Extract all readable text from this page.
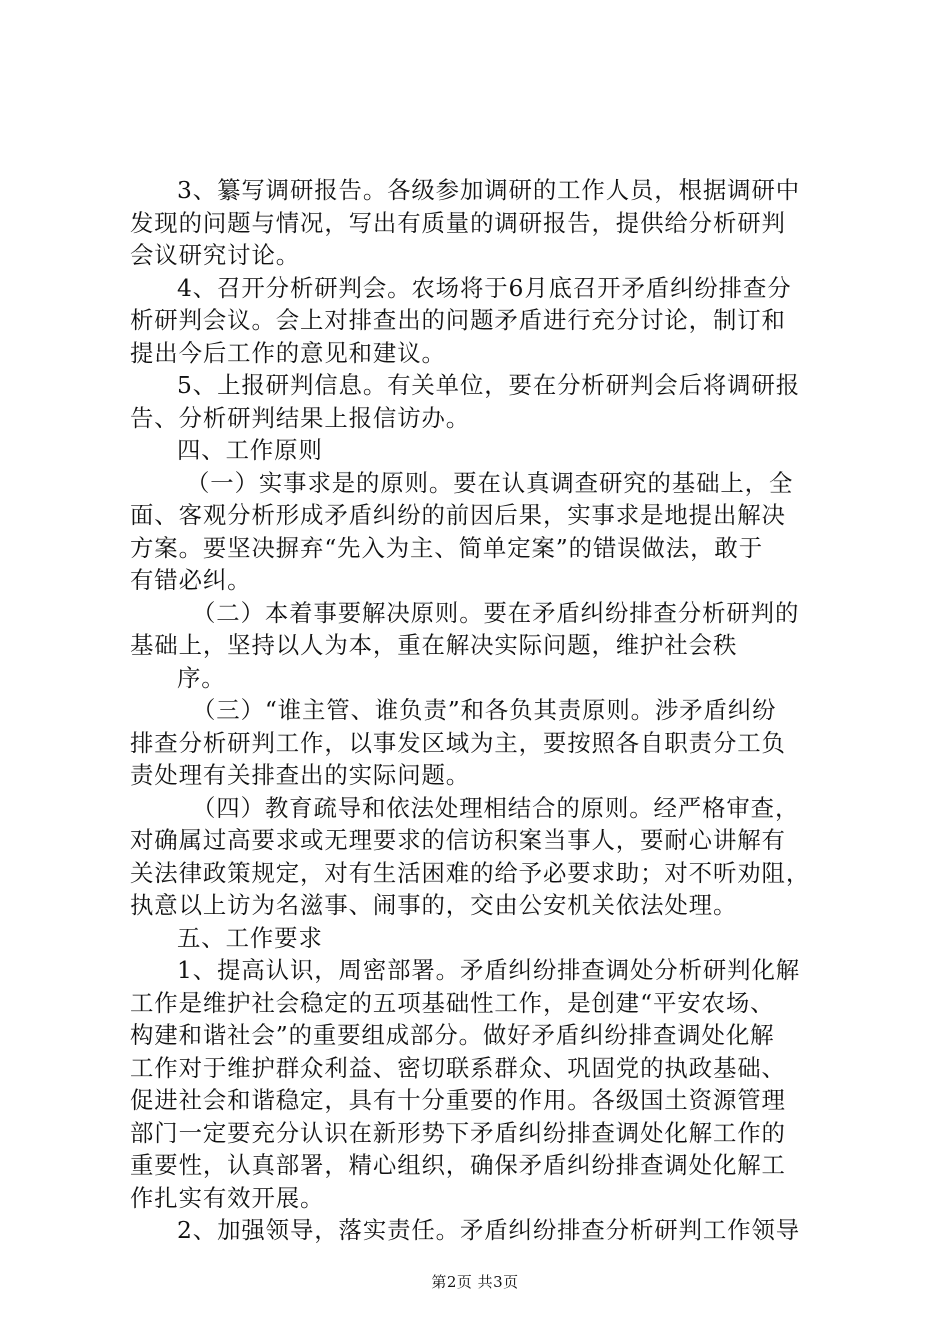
3、纂写调研报告。各级参加调研的工作人员，根据调研中
发现的问题与情况，写出有质量的调研报告，提供给分析研判
会议研究讨论。
4、召开分析研判会。农场将于6月底召开矛盾纠纷排查分
析研判会议。会上对排查出的问题矛盾进行充分讨论，制订和
提出今后工作的意见和建议。
5、上报研判信息。有关单位，要在分析研判会后将调研报
告、分析研判结果上报信访办。
四、工作原则
（一）实事求是的原则。要在认真调查研究的基础上，全
面、客观分析形成矛盾纠纷的前因后果，实事求是地提出解决
方案。要坚决摒弃“先入为主、简单定案”的错误做法，敢于
有错必纠。
（二）本着事要解决原则。要在矛盾纠纷排查分析研判的
基础上，坚持以人为本，重在解决实际问题，维护社会秩
序。
（三）“谁主管、谁负责”和各负其责原则。涉矛盾纠纷
排查分析研判工作，以事发区域为主，要按照各自职责分工负
责处理有关排查出的实际问题。
（四）教育疏导和依法处理相结合的原则。经严格审查，
对确属过高要求或无理要求的信访积案当事人，要耐心讲解有
关法律政策规定，对有生活困难的给予必要求助；对不听劝阻，
执意以上访为名滋事、闹事的，交由公安机关依法处理。
五、工作要求
1、提高认识，周密部署。矛盾纠纷排查调处分析研判化解
工作是维护社会稳定的五项基础性工作，是创建“平安农场、
构建和谐社会”的重要组成部分。做好矛盾纠纷排查调处化解
工作对于维护群众利益、密切联系群众、巩固党的执政基础、
促进社会和谐稳定，具有十分重要的作用。各级国土资源管理
部门一定要充分认识在新形势下矛盾纠纷排查调处化解工作的
重要性，认真部署，精心组织，确保矛盾纠纷排查调处化解工
作扎实有效开展。
2、加强领导，落实责任。矛盾纠纷排查分析研判工作领导
第2页 共3页
